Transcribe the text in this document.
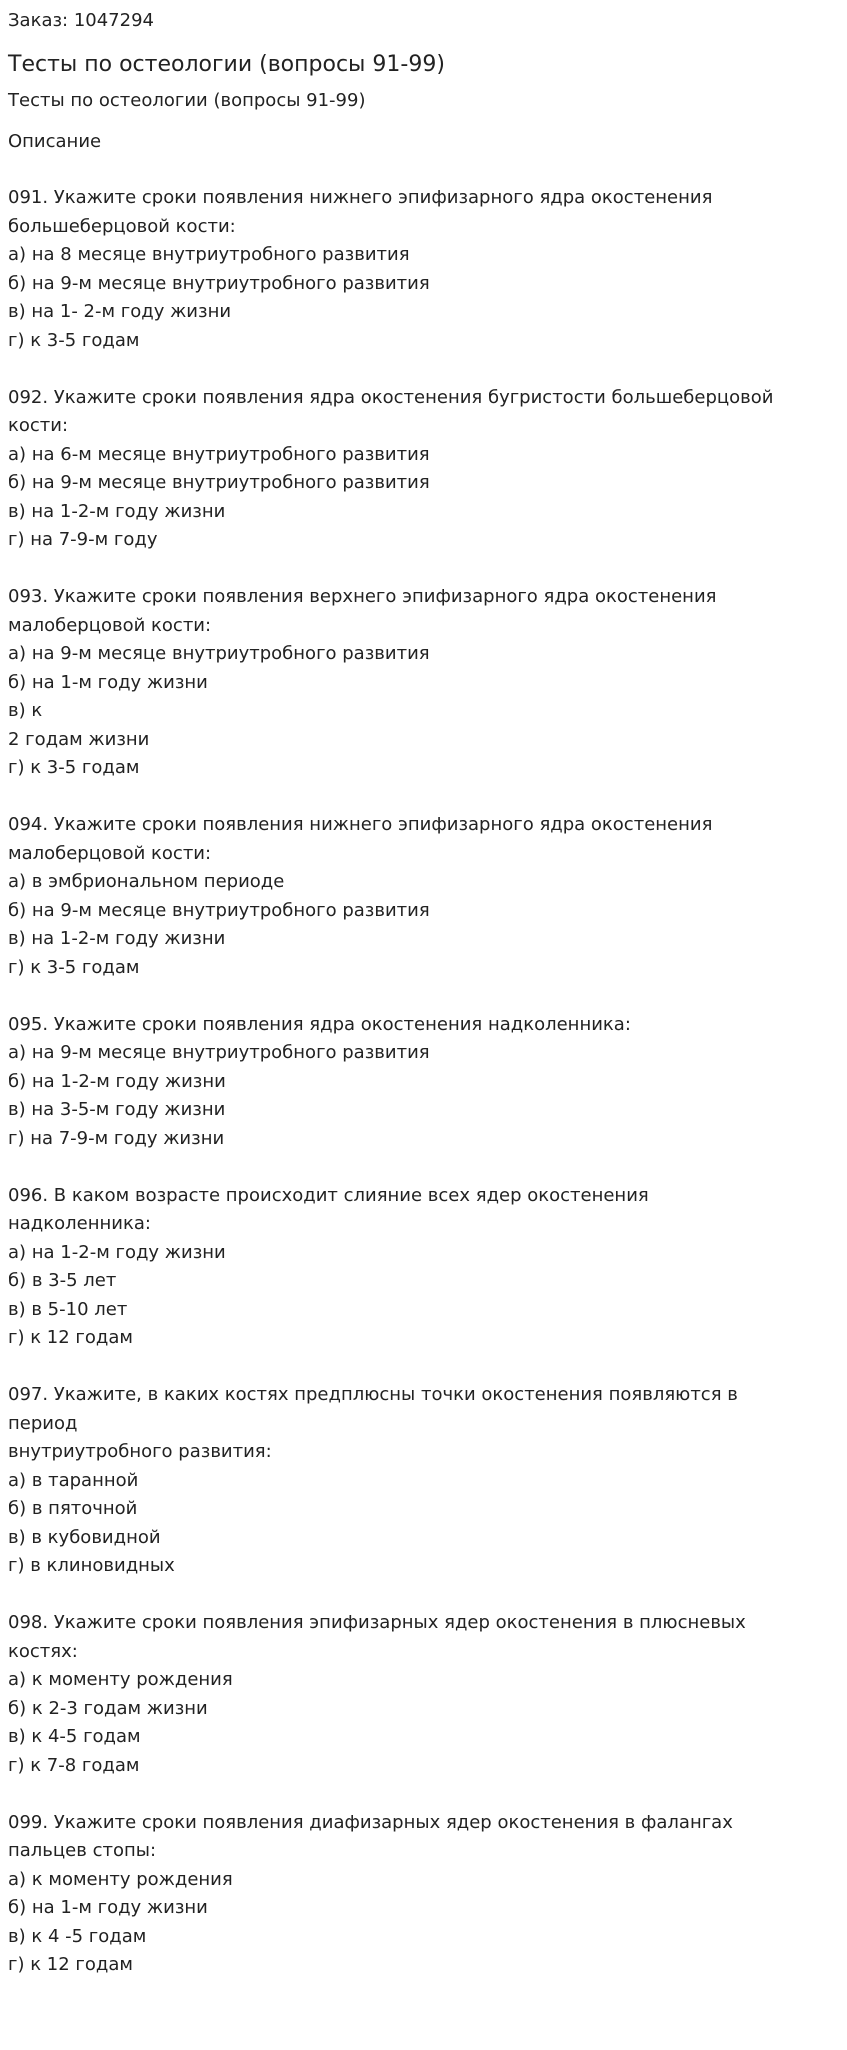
Заказ: 1047294

Тесты по остеологии (вопросы 91-99)

Тесты по остеологии (вопросы 91-99)

Описание

091. Укажите сроки появления нижнего эпифизарного ядра окостенения

большеберцовой кости:

а) на 8 месяце внутриутробного развития

б) на 9-м месяце внутриутробного развития

в) на 1- 2-м году жизни

г) к 3-5 годам

092. Укажите сроки появления ядра окостенения бугристости большеберцовой

кости:

а) на 6-м месяце внутриутробного развития

б) на 9-м месяце внутриутробного развития

в) на 1-2-м году жизни

г) на 7-9-м году

093. Укажите сроки появления верхнего эпифизарного ядра окостенения

малоберцовой кости:

а) на 9-м месяце внутриутробного развития

б) на 1-м году жизни

в) к

2 годам жизни

г) к 3-5 годам

094. Укажите сроки появления нижнего эпифизарного ядра окостенения

малоберцовой кости:

а) в эмбриональном периоде

б) на 9-м месяце внутриутробного развития

в) на 1-2-м году жизни

г) к 3-5 годам

095. Укажите сроки появления ядра окостенения надколенника:

а) на 9-м месяце внутриутробного развития

б) на 1-2-м году жизни

в) на 3-5-м году жизни

г) на 7-9-м году жизни

096. В каком возрасте происходит слияние всех ядер окостенения

надколенника:

а) на 1-2-м году жизни

б) в 3-5 лет

в) в 5-10 лет

г) к 12 годам

097. Укажите, в каких костях предплюсны точки окостенения появляются в

период

внутриутробного развития:

а) в таранной

б) в пяточной

в) в кубовидной

г) в клиновидных

098. Укажите сроки появления эпифизарных ядер окостенения в плюсневых

костях:

а) к моменту рождения

б) к 2-3 годам жизни

в) к 4-5 годам

г) к 7-8 годам

099. Укажите сроки появления диафизарных ядер окостенения в фалангах

пальцев стопы:

а) к моменту рождения

б) на 1-м году жизни

в) к 4 -5 годам

г) к 12 годам
